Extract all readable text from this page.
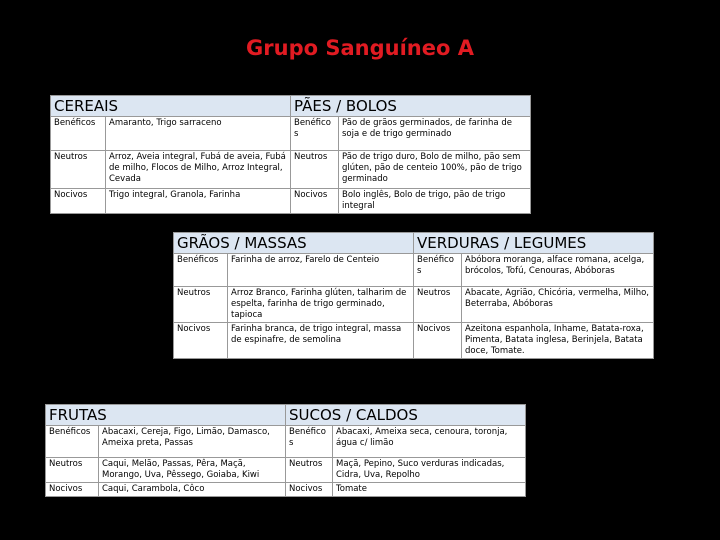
Grupo Sanguíneo A
CEREAIS		PÃES / BOLOS	
Benéficos	Amaranto, Trigo sarraceno	Benéfico s	Pão de grãos germinados, de farinha de soja e de trigo germinado
Neutros	Arroz, Aveia integral, Fubá de aveia, Fubá de milho, Flocos de Milho, Arroz Integral, Cevada	Neutros	Pão de trigo duro, Bolo de milho, pão sem glúten, pão de centeio 100%, pão de trigo germinado
Nocivos	Trigo integral, Granola, Farinha	Nocivos	Bolo inglês, Bolo de trigo, pão de trigo integral
GRÃOS / MASSAS		VERDURAS / LEGUMES	
Benéficos	Farinha de arroz, Farelo de Centeio	Benéfico s	Abóbora moranga, alface romana, acelga, brócolos, Tofú, Cenouras, Abóboras
Neutros	Arroz Branco, Farinha glúten, talharim de espelta, farinha de trigo germinado, tapioca	Neutros	Abacate, Agrião, Chicória, vermelha, Milho, Beterraba, Abóboras
Nocivos	Farinha branca, de trigo integral, massa de espinafre, de semolina	Nocivos	Azeitona espanhola, Inhame, Batata-roxa, Pimenta, Batata inglesa, Berinjela, Batata doce, Tomate.
FRUTAS		SUCOS / CALDOS	
Benéficos	Abacaxi, Cereja, Figo, Limão, Damasco, Ameixa preta, Passas	Benéfico s	Abacaxi, Ameixa seca, cenoura, toronja, água c/ limão
Neutros	Caqui, Melão, Passas, Pêra, Maçã, Morango, Uva, Pêssego, Goiaba, Kiwi	Neutros	Maçã, Pepino, Suco verduras indicadas, Cidra, Uva, Repolho
Nocivos	Caqui, Carambola, Côco	Nocivos	Tomate
